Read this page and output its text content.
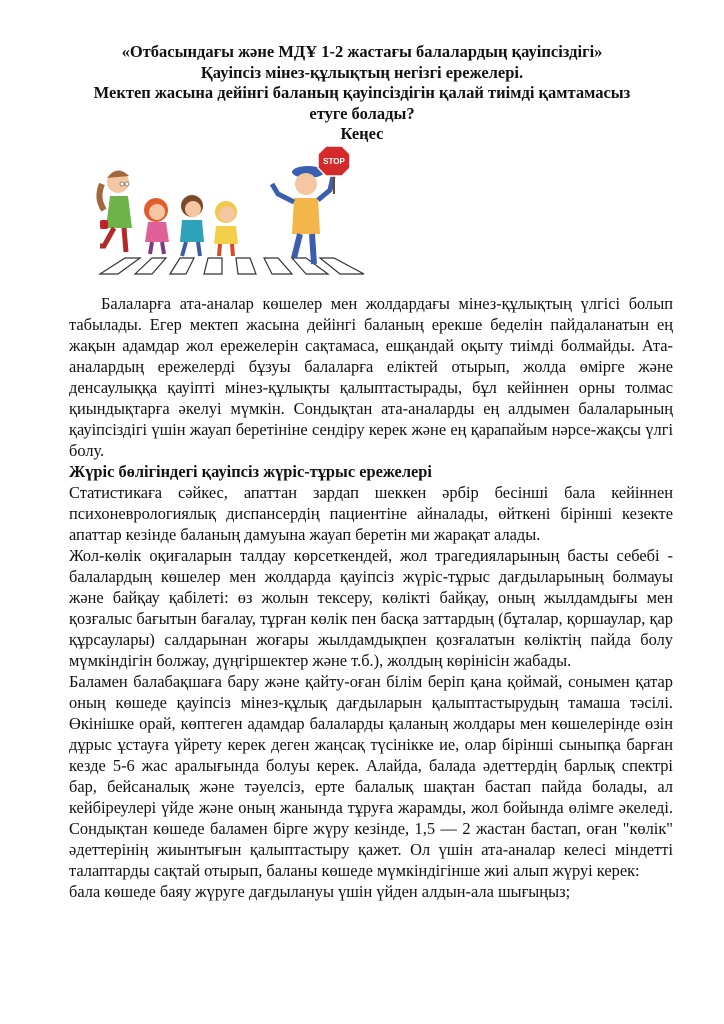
«Отбасындағы және МДҰ 1-2 жастағы балалардың қауіпсіздігі»
Қауіпсіз мінез-құлықтың негізгі ережелері.
Мектеп жасына дейінгі баланың қауіпсіздігін қалай тиімді қамтамасыз
етуге болады?
Кеңес
STOP

Балаларға ата-аналар көшелер мен жолдардағы мінез-құлықтың үлгісі болып табылады. Егер мектеп жасына дейінгі баланың ерекше беделін пайдаланатын ең жақын адамдар жол ережелерін сақтамаса, ешқандай оқыту тиімді болмайды. Ата-аналардың ережелерді бұзуы балаларға еліктей отырып, жолда өмірге және денсаулыққа қауіпті мінез-құлықты қалыптастырады, бұл кейіннен орны толмас қиындықтарға әкелуі мүмкін. Сондықтан ата-аналарды ең алдымен балаларының қауіпсіздігі үшін жауап беретініне сендіру керек және ең қарапайым нәрсе-жақсы үлгі болу.

Жүріс бөлігіндегі қауіпсіз жүріс-тұрыс ережелері

Статистикаға сәйкес, апаттан зардап шеккен әрбір бесінші бала кейіннен психоневрологиялық диспансердің пациентіне айналады, өйткені бірінші кезекте апаттар кезінде баланың дамуына жауап беретін ми жарақат алады.

Жол-көлік оқиғаларын талдау көрсеткендей, жол трагедияларының басты себебі - балалардың көшелер мен жолдарда қауіпсіз жүріс-тұрыс дағдыларының болмауы және байқау қабілеті: өз жолын тексеру, көлікті байқау, оның жылдамдығы мен қозғалыс бағытын бағалау, тұрған көлік пен басқа заттардың (бұталар, қоршаулар, қар құрсаулары) салдарынан жоғары жылдамдықпен қозғалатын көліктің пайда болу мүмкіндігін болжау, дүңгіршектер және т.б.), жолдың көрінісін жабады.

Баламен балабақшаға бару және қайту-оған білім беріп қана қоймай, сонымен қатар оның көшеде қауіпсіз мінез-құлық дағдыларын қалыптастырудың тамаша тәсілі. Өкінішке орай, көптеген адамдар балаларды қаланың жолдары мен көшелерінде өзін дұрыс ұстауға үйрету керек деген жаңсақ түсінікке ие, олар бірінші сыныпқа барған кезде 5-6 жас аралығында болуы керек. Алайда, балада әдеттердің барлық спектрі бар, бейсаналық және тәуелсіз, ерте балалық шақтан бастап пайда болады, ал кейбіреулері үйде және оның жанында тұруға жарамды, жол бойында өлімге әкеледі. Сондықтан көшеде баламен бірге жүру кезінде, 1,5 — 2 жастан бастап, оған "көлік" әдеттерінің жиынтығын қалыптастыру қажет. Ол үшін ата-аналар келесі міндетті талаптарды сақтай отырып, баланы көшеде мүмкіндігінше жиі алып жүруі керек:

бала көшеде баяу жүруге дағдылануы үшін үйден алдын-ала шығыңыз;
